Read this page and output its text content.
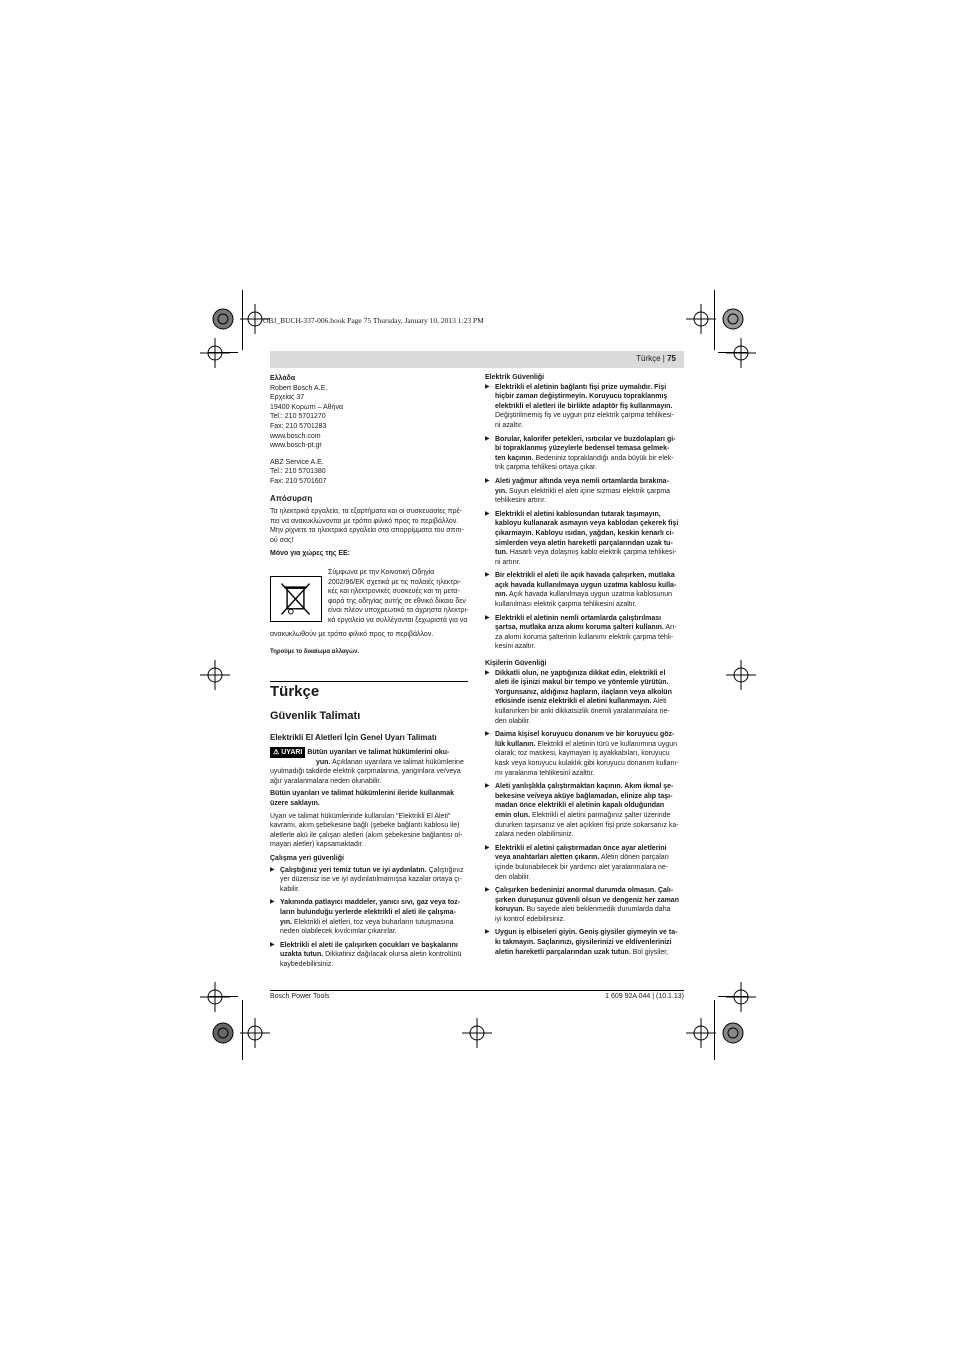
OBJ_BUCH-337-006.book Page 75 Thursday, January 10, 2013 1:23 PM
Türkçe | 75

Ελλάδα

Robert Bosch A.E.

Ερχείας 37

19400 Κορωπί – Αθήνα

Tel.: 210 5701270

Fax: 210 5701283

www.bosch.com

www.bosch-pt.gr

ABZ Service A.E.

Tel.: 210 5701380

Fax: 210 5701607

Απόσυρση

Τα ηλεκτρικά εργαλεία, τα εξαρτήματα και οι συσκευασίες πρέ-

πει να ανακυκλώνονται με τρόπο φιλικό προς το περιβάλλον.

Μην ρίχνετε τα ηλεκτρικά εργαλεία στα απορρίμματα του σπιτι-

ού σας!

Μόνο για χώρες της ΕΕ:

Σύμφωνα με την Κοινοτική Οδηγία

2002/96/ΕΚ σχετικά με τις παλαιές ηλεκτρι-

κές και ηλεκτρονικές συσκευές και τη μετα-

φορά της οδηγίας αυτής σε εθνικό δίκαιο δεν

είναι πλέον υποχρεωτικό τα άχρηστα ηλεκτρι-

κά εργαλεία να συλλέγονται ξεχωριστά για να

ανακυκλωθούν με τρόπο φιλικό προς το περιβάλλον.

Τηρούμε το δικαίωμα αλλαγών.

Türkçe

Güvenlik Talimatı

Elektrikli El Aletleri İçin Genel Uyarı Talimatı

⚠ UYARI Bütün uyarıları ve talimat hükümlerini oku-

yun. Açıklanan uyarılara ve talimat hükümlerine

uyulmadığı takdirde elektrik çarpmalarına, yangınlara ve/veya

ağır yaralanmalara neden olunabilir.

Bütün uyarıları ve talimat hükümlerini ileride kullanmak

üzere saklayın.

Uyarı ve talimat hükümlerinde kullanılan "Elektrikli El Aleti"

kavramı, akım şebekesine bağlı (şebeke bağlantı kablosu ile)

aletlerle akü ile çalışan aletleri (akım şebekesine bağlantısı ol-

mayan aletler) kapsamaktadır.

Çalışma yeri güvenliği

▶ Çalıştığınız yeri temiz tutun ve iyi aydınlatın. Çalıştığınız

yer düzensiz ise ve iyi aydınlatılmamışsa kazalar ortaya çı-

kabilir.

▶ Yakınında patlayıcı maddeler, yanıcı sıvı, gaz veya toz-

ların bulunduğu yerlerde elektrikli el aleti ile çalışma-

yın. Elektrikli el aletleri, toz veya buharların tutuşmasına

neden olabilecek kıvılcımlar çıkarırlar.

▶ Elektrikli el aleti ile çalışırken çocukları ve başkalarını

uzakta tutun. Dikkatiniz dağılacak olursa aletin kontrolünü

kaybedebilirsiniz.

Elektrik Güvenliği

▶ Elektrikli el aletinin bağlantı fişi prize uymalıdır. Fişi

hiçbir zaman değiştirmeyin. Koruyucu topraklanmış

elektrikli el aletleri ile birlikte adaptör fiş kullanmayın.

Değiştirilmemiş fiş ve uygun priz elektrik çarpma tehlikesi-

ni azaltır.

▶ Borular, kalorifer petekleri, ısıtıcılar ve buzdolapları gi-

bi topraklanmış yüzeylerle bedensel temasa gelmek-

ten kaçının. Bedeniniz topraklandığı anda büyük bir elek-

trik çarpma tehlikesi ortaya çıkar.

▶ Aleti yağmur altında veya nemli ortamlarda bırakma-

yın. Suyun elektrikli el aleti içine sızması elektrik çarpma

tehlikesini artırır.

▶ Elektrikli el aletini kablosundan tutarak taşımayın,

kabloyu kullanarak asmayın veya kablodan çekerek fişi

çıkarmayın. Kabloyu ısıdan, yağdan, keskin kenarlı ci-

simlerden veya aletin hareketli parçalarından uzak tu-

tun. Hasarlı veya dolaşmış kablo elektrik çarpma tehlikesi-

ni artırır.

▶ Bir elektrikli el aleti ile açık havada çalışırken, mutlaka

açık havada kullanılmaya uygun uzatma kablosu kulla-

nın. Açık havada kullanılmaya uygun uzatma kablosunun

kullanılması elektrik çarpma tehlikesini azaltır.

▶ Elektrikli el aletinin nemli ortamlarda çalıştırılması

şartsa, mutlaka arıza akımı koruma şalteri kullanın. Arı-

za akımı koruma şalterinin kullanımı elektrik çarpma tehli-

kesini azaltır.

Kişilerin Güvenliği

▶ Dikkatli olun, ne yaptığınıza dikkat edin, elektrikli el

aleti ile işinizi makul bir tempo ve yöntemle yürütün.

Yorgunsanız, aldığınız hapların, ilaçların veya alkolün

etkisinde iseniz elektrikli el aletini kullanmayın. Aleti

kullanırken bir anki dikkatsizlik önemli yaralanmalara ne-

den olabilir.

▶ Daima kişisel koruyucu donanım ve bir koruyucu göz-

lük kullanın. Elektrikli el aletinin türü ve kullanımına uygun

olarak; toz maskesi, kaymayan iş ayakkabıları, koruyucu

kask veya koruyucu kulaklık gibi koruyucu donanım kullanı-

mı yaralanma tehlikesini azalttır.

▶ Aleti yanlışlıkla çalıştırmaktan kaçının. Akım ikmal şe-

bekesine ve/veya aküye bağlamadan, elinize alıp taşı-

madan önce elektrikli el aletinin kapalı olduğundan

emin olun. Elektrikli el aletini parmağınız şalter üzerinde

dururken taşırsanız ve alet açıkken fişi prize sokarsanız ka-

zalara neden olabilirsiniz.

▶ Elektrikli el aletini çalıştırmadan önce ayar aletlerini

veya anahtarları aletten çıkarın. Aletin dönen parçaları

içinde bulunabilecek bir yardımcı alet yaralanmalara ne-

den olabilir.

▶ Çalışırken bedeninizi anormal durumda olmasın. Çalı-

şırken duruşunuz güvenli olsun ve dengeniz her zaman

koruyun. Bu sayede aleti beklenmedik durumlarda daha

iyi kontrol edebilirsiniz.

▶ Uygun iş elbiseleri giyin. Geniş giysiler giymeyin ve ta-

kı takmayın. Saçlarınızı, giysilerinizi ve eldivenlerinizi

aletin hareketli parçalarından uzak tutun. Bol giysiler,

Bosch Power Tools	1 609 92A 044 | (10.1.13)
